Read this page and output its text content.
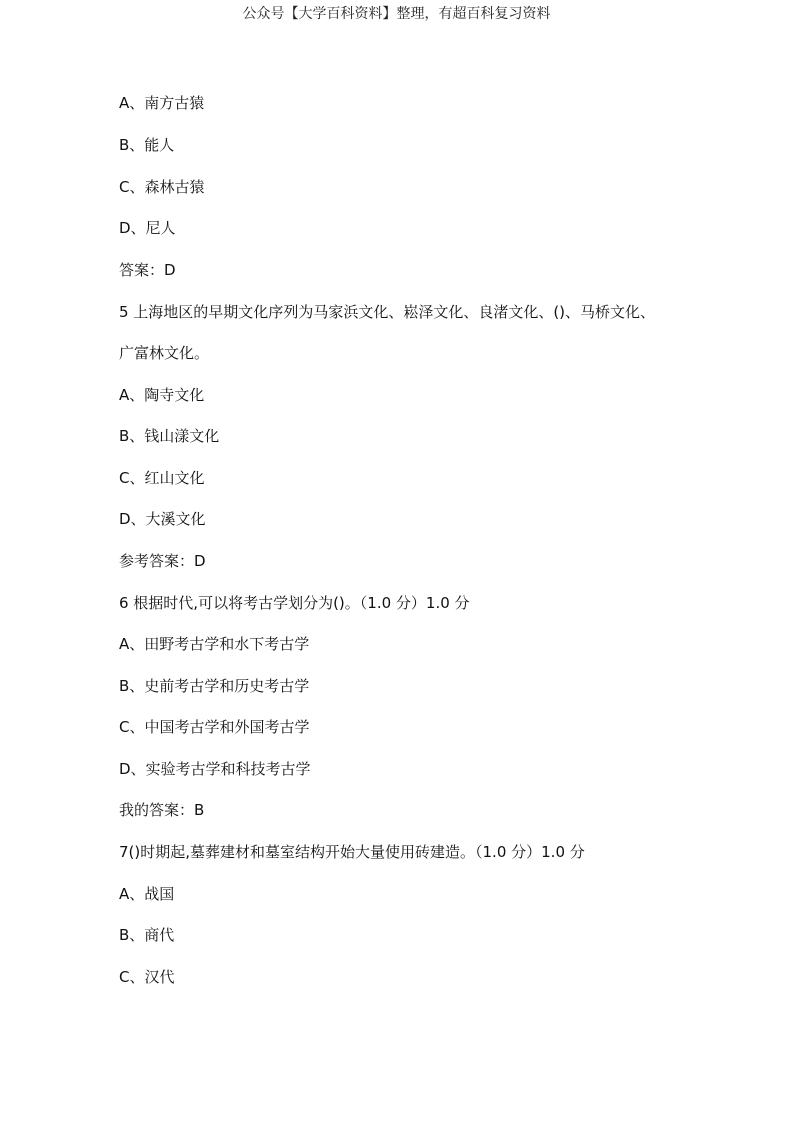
公众号【大学百科资料】整理，有超百科复习资料
A、南方古猿
B、能人
C、森林古猿
D、尼人
答案：D
5 上海地区的早期文化序列为马家浜文化、崧泽文化、良渚文化、()、马桥文化、
广富林文化。
A、陶寺文化
B、钱山漾文化
C、红山文化
D、大溪文化
参考答案：D
6 根据时代,可以将考古学划分为()。（1.0 分）1.0 分
A、田野考古学和水下考古学
B、史前考古学和历史考古学
C、中国考古学和外国考古学
D、实验考古学和科技考古学
我的答案：B
7()时期起,墓葬建材和墓室结构开始大量使用砖建造。（1.0 分）1.0 分
A、战国
B、商代
C、汉代
